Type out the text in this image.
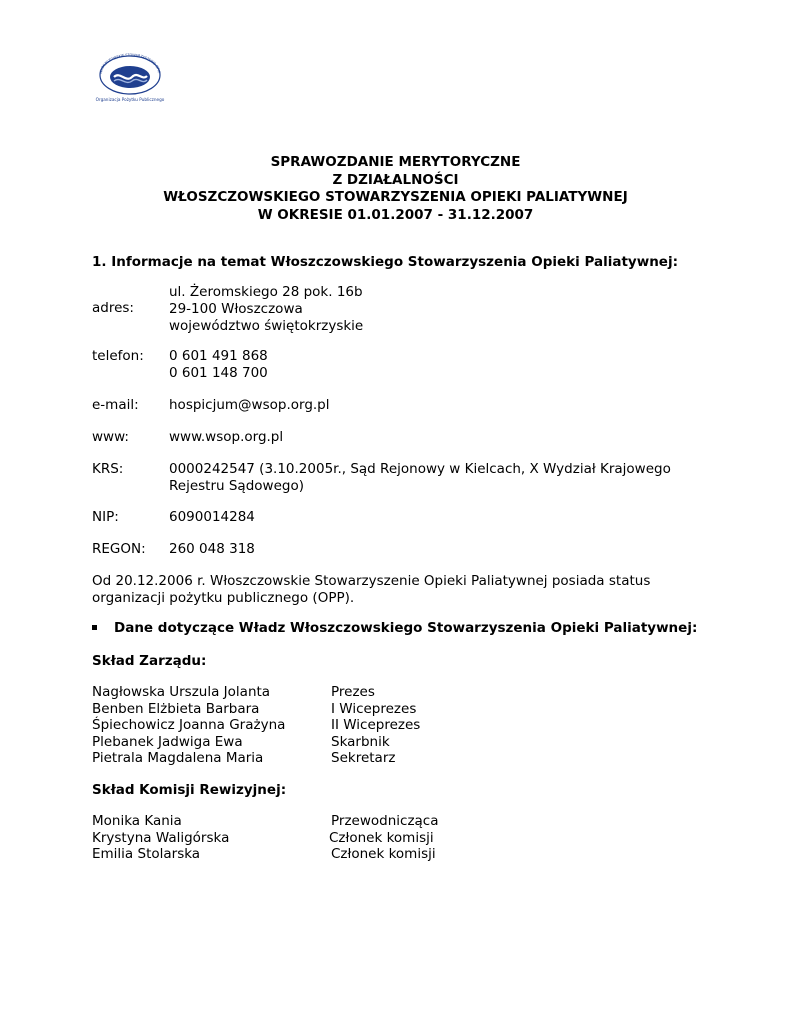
WŁOSZCZOWSKIE STOWARZYSZENIE OPIE
Organizacja Pożytku Publicznego
SPRAWOZDANIE MERYTORYCZNE
Z DZIAŁALNOŚCI
WŁOSZCZOWSKIEGO STOWARZYSZENIA OPIEKI PALIATYWNEJ
W OKRESIE 01.01.2007 - 31.12.2007
1. Informacje na temat Włoszczowskiego Stowarzyszenia Opieki Paliatywnej:
adres:
ul. Żeromskiego 28 pok. 16b
29-100 Włoszczowa
województwo świętokrzyskie
telefon: 0 601 491 868
0 601 148 700
e-mail: hospicjum@wsop.org.pl
www:	www.wsop.org.pl
KRS:	0000242547 (3.10.2005r., Sąd Rejonowy w Kielcach, X Wydział Krajowego
Rejestru Sądowego)
NIP:	6090014284
REGON: 260 048 318
Od 20.12.2006 r. Włoszczowskie Stowarzyszenie Opieki Paliatywnej posiada status
organizacji pożytku publicznego (OPP).
Dane dotyczące Władz Włoszczowskiego Stowarzyszenia Opieki Paliatywnej:
Skład Zarządu:
Nagłowska Urszula Jolanta	Prezes
Benben Elżbieta Barbara	I Wiceprezes
Śpiechowicz Joanna Grażyna	II Wiceprezes
Plebanek Jadwiga Ewa	Skarbnik
Pietrala Magdalena Maria	Sekretarz
Skład Komisji Rewizyjnej:
Monika Kania	Przewodnicząca
Krystyna Waligórska	Członek komisji
Emilia Stolarska	Członek komisji
